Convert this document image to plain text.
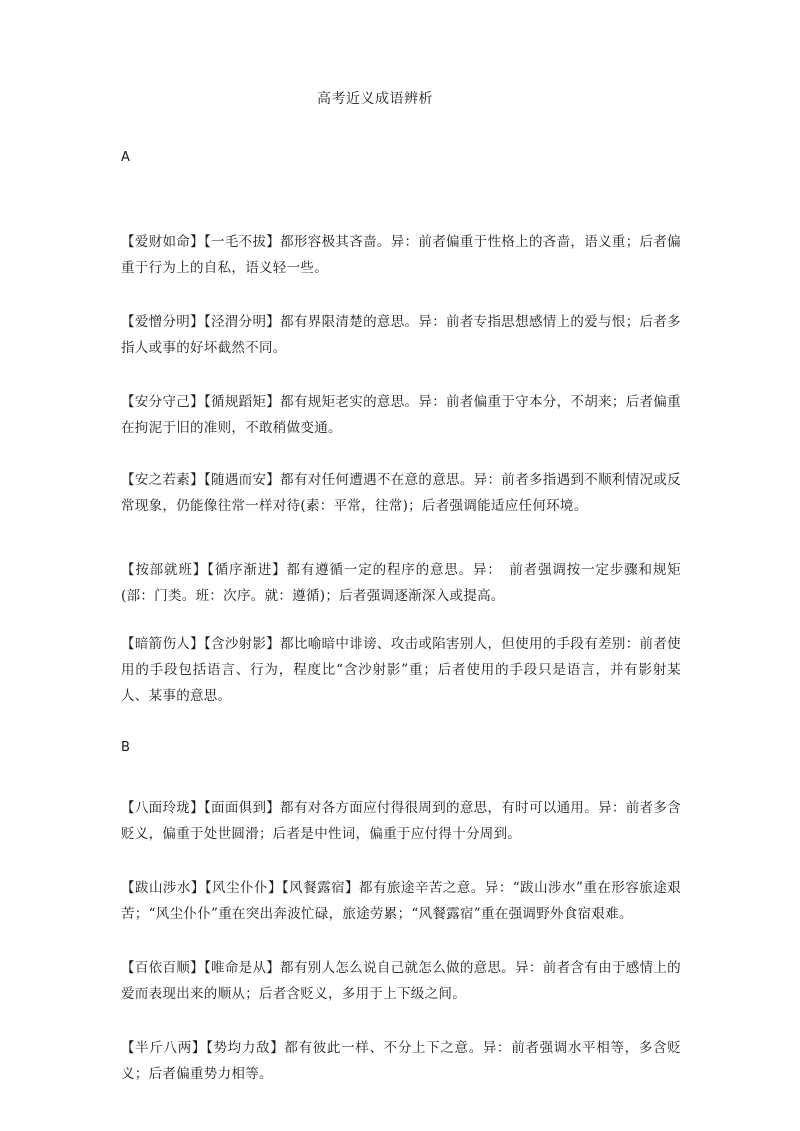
高考近义成语辨析
A

【爱财如命】【一毛不拔】都形容极其吝啬。异：前者偏重于性格上的吝啬，语义重；后者偏重于行为上的自私，语义轻一些。

【爱憎分明】【泾渭分明】都有界限清楚的意思。异：前者专指思想感情上的爱与恨；后者多指人或事的好坏截然不同。

【安分守己】【循规蹈矩】都有规矩老实的意思。异：前者偏重于守本分，不胡来；后者偏重在拘泥于旧的准则，不敢稍做变通。

【安之若素】【随遇而安】都有对任何遭遇不在意的意思。异：前者多指遇到不顺利情况或反常现象，仍能像往常一样对待(素：平常，往常)；后者强调能适应任何环境。

【按部就班】【循序渐进】都有遵循一定的程序的意思。异：　前者强调按一定步骤和规矩(部：门类。班：次序。就：遵循)；后者强调逐渐深入或提高。

【暗箭伤人】【含沙射影】都比喻暗中诽谤、攻击或陷害别人，但使用的手段有差别：前者使用的手段包括语言、行为，程度比“含沙射影”重；后者使用的手段只是语言，并有影射某人、某事的意思。

B

【八面玲珑】【面面俱到】都有对各方面应付得很周到的意思，有时可以通用。异：前者多含贬义，偏重于处世圆滑；后者是中性词，偏重于应付得十分周到。

【跋山涉水】【风尘仆仆】【风餐露宿】都有旅途辛苦之意。异：“跋山涉水”重在形容旅途艰苦；“风尘仆仆”重在突出奔波忙碌，旅途劳累；“风餐露宿”重在强调野外食宿艰难。

【百依百顺】【唯命是从】都有别人怎么说自己就怎么做的意思。异：前者含有由于感情上的爱而表现出来的顺从；后者含贬义，多用于上下级之间。

【半斤八两】【势均力敌】都有彼此一样、不分上下之意。异：前者强调水平相等，多含贬义；后者偏重势力相等。
